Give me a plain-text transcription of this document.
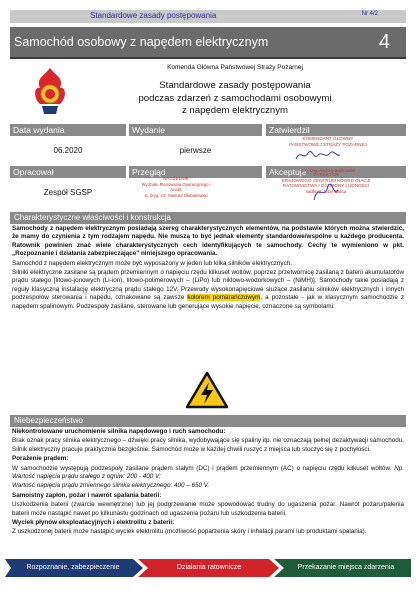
Standardowe zasady postępowania	Nr 4/2
Samochód osobowy z napędem elektrycznym	4
Komenda Główna Państwowej Straży Pożarnej
Standardowe zasady postępowania
podczas zdarzeń z samochodami osobowymi
z napędem elektrycznym
Data wydania	Wydanie	Zatwierdził
06.2020	pierwsze
Opracował	Przegląd	Akceptuje
Zespół SGSP
KOMENDANT GŁÓWNY
PAŃSTWOWEJ STRAŻY POŻARNEJ
gen. brig. Andrzej Bartkowiak
NACZELNIK
Wydziału Planowania Operacyjnego i Analiz
st. bryg. inż. Mariusz Dłubakowski
DYREKTOR
KRAJOWEGO CENTRUM KOORDYNACJI
RATOWNICTWA I OCHRONY LUDNOŚCI
nadbryg. Józef Galica
Charakterystyczne właściwości i konstrukcja

Samochody z napędem elektrycznym posiadają szereg charakterystycznych elementów, na podstawie których można stwierdzić, że mamy do czynienia z tym rodzajem napędu. Nie muszą to być jednak elementy standardowe/wspólne u każdego producenta. Ratownik powinien znać wiele charakterystycznych cech identyfikujących te samochody. Cechy te wymieniono w pkt. „Rozpoznanie i działania zabezpieczające" niniejszego opracowania.

Samochód z napędem elektrycznym może być wyposażony w jeden lub kilka silników elektrycznych.

Silniki elektryczne zasilane są prądem przemiennym o napięciu rzędu kilkuset woltów, poprzez przetwornicę zasilaną z baterii akumulatorów prądu stałego [litowo-jonowych (Li-ion), litowo-polimerowych – (LiPo) lub niklowo-wodorkowych – (NiMH)]. Samochody takie posiadają z reguły klasyczną instalację elektryczną prądu stałego 12V. Przewody wysokonapięciowe służące zasilaniu silników elektrycznych i innych podzespołów sterowania i napędu, oznakowane są zawsze kolorem pomarańczowym, a pozostałe - jak w klasycznym samochodzie z napędem spalinowym. Podzespoły zasilane, sterowane lub generujące wysokie napięcie, oznaczone są symbolami:

Niebezpieczeństwo

Niekontrolowane uruchomienie silnika napędowego i ruch samochodu:

Brak oznak pracy silnika elektrycznego – dźwięki pracy silnika, wydobywające się spaliny itp. nie oznaczają pełnej dezaktywacji samochodu. Silnik elektryczny pracuje praktycznie bezgłośnie. Samochód może w każdej chwili ruszyć z miejsca lub stoczyć się z pochyłości.

Porażenie prądem:

W samochodzie występują podzespoły zasilane prądem stałym (DC) i prądem przemiennym (AC) o napięciu rzędu kilkuset woltów. Np. Wartość napięcia prądu stałego z ogniw: 200 - 400 V;

Wartość napięcia prądu zmiennego silnika elektrycznego: 400 – 650 V.

Samoistny zapłon, pożar i nawrót spalania baterii:

Uszkodzenia baterii (zwarcie wewnętrzne) lub jej podgrzewanie może spowodować trudny do ugaszenia pożar. Nawrót pożaru/palenia baterii może nastąpić nawet po kilkunastu godzinach od ugaszenia pożaru lub uszkodzenia baterii.

Wyciek płynów eksploatacyjnych i elektrolitu z baterii:

Z uszkodzonej baterii może nastąpić wyciek elektrolitu (możliwość poparzenia skóry i inhalacji parami lub produktami spalania).

Rozpoznanie, zabezpieczenie	Działania ratownicze	Przekazanie miejsca zdarzenia
